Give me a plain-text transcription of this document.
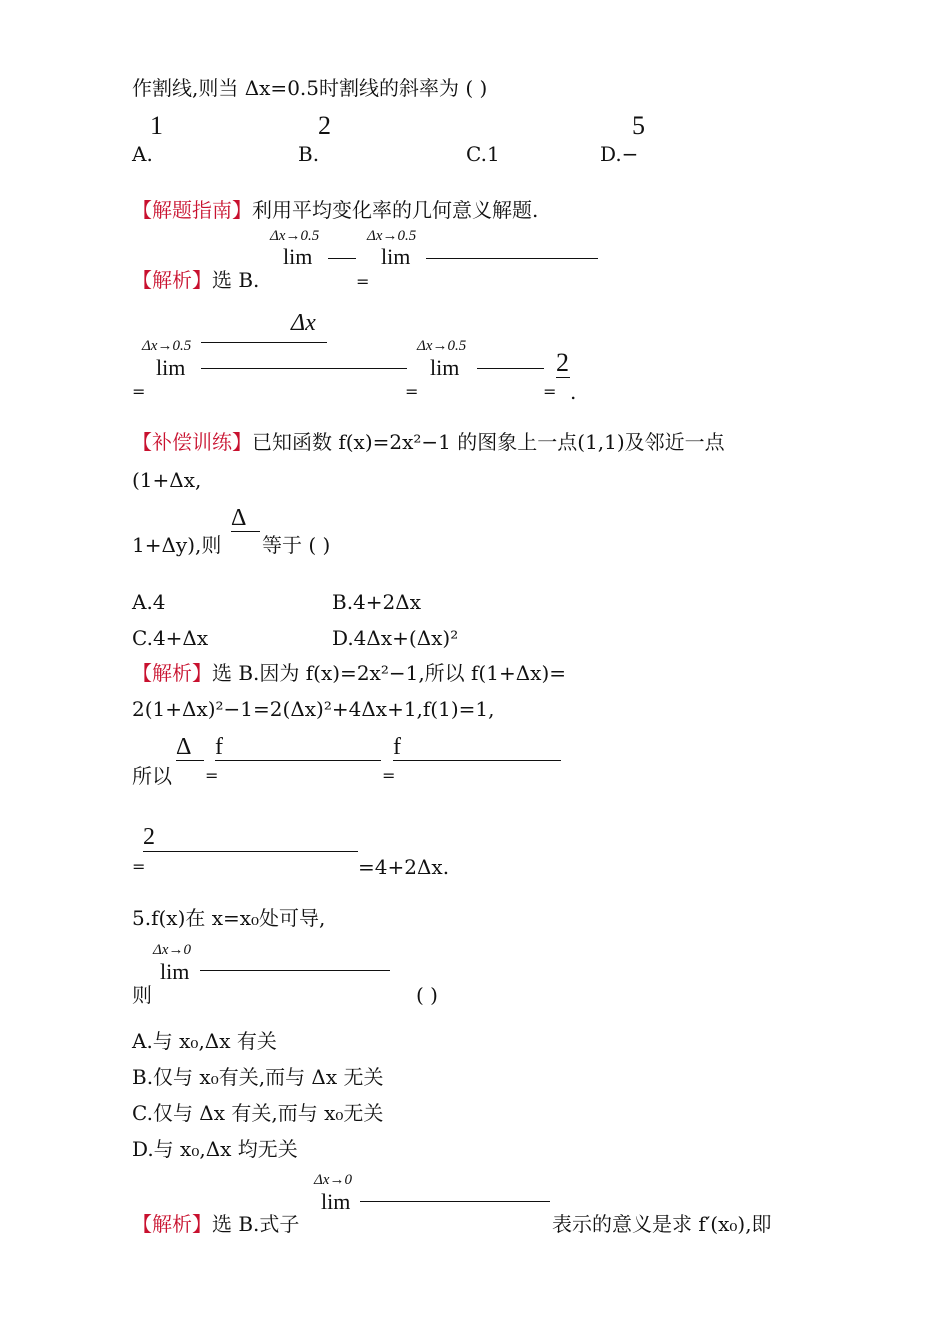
作割线,则当 Δx=0.5时割线的斜率为 ( )
A.
1
B.
2
C.1	D.−
5
【解题指南】利用平均变化率的几何意义解题.
Δx→0.5
lim
Δx→0.5
lim
【解析】选 B.	=
Δx
Δx→0.5
lim
=
Δx→0.5
=
lim
=
2
.
【补偿训练】已知函数 f(x)=2x²−1 的图象上一点(1,1)及邻近一点
(1+Δx,
Δ
1+Δy),则 等于 ( )
A.4	B.4+2Δx
C.4+Δx	D.4Δx+(Δx)²
【解析】选 B.因为 f(x)=2x²−1,所以 f(1+Δx)=
2(1+Δx)²−1=2(Δx)²+4Δx+1,f(1)=1,
Δ f	f
所以 =	=
2
=	=4+2Δx.
5.f(x)在 x=x₀处可导,
Δx→0
lim
则	( )
A.与 x₀,Δx 有关
B.仅与 x₀有关,而与 Δx 无关
C.仅与 Δx 有关,而与 x₀无关
D.与 x₀,Δx 均无关
Δx→0
lim
【解析】选 B.式子	表示的意义是求 f′(x₀),即
